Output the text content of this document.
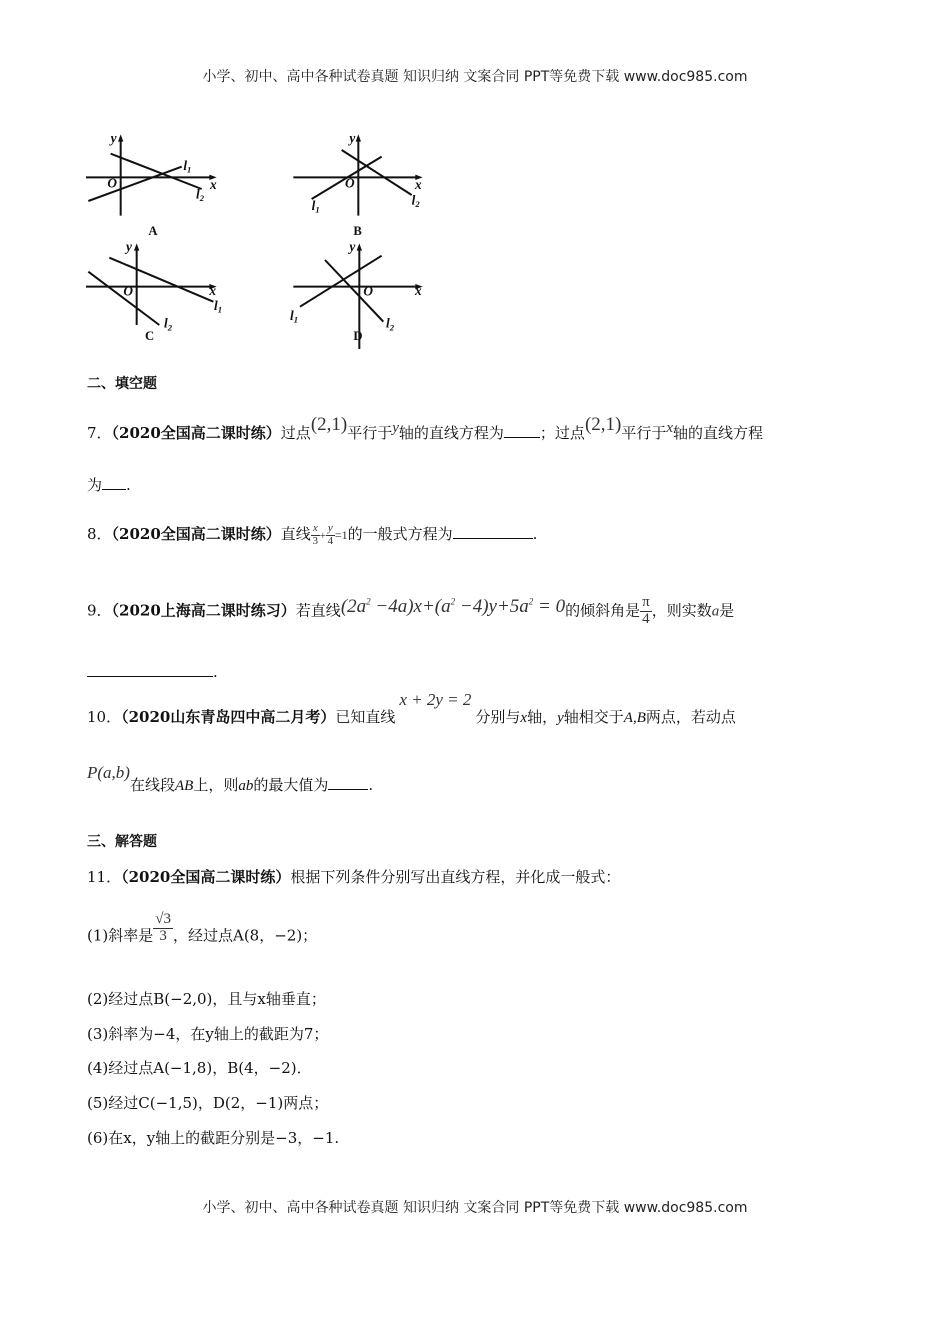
小学、初中、高中各种试卷真题 知识归纳 文案合同 PPT等免费下载 www.doc985.com
y
O x
$l_1$
$l_2$
A
y
O x
$l_1$
$l_2$
B
y
O x
$l_1$
$l_2$
C
y
O x
$l_1$ $l_2$
D
二、填空题
7．（2020全国高二课时练）过点(2,1)平行于y轴的直线方程为 ；过点(2,1)平行于x轴的直线方程
为 .
8．（2020全国高二课时练）直线 $\frac{x}{3} + \frac{y}{4} =1$的一般式方程为	.
9．（2020上海高二课时练习）若直线$(2a^2 -4a)x+(a^2 -4)y+5a^2 = 0$的倾斜角是 $\frac{\pi}{4}$ ，则实数a是
.
10．（2020山东青岛四中高二月考）已知直线x + 2y = 2分别与x轴，y轴相交于A,B两点，若动点
P(a,b)在线段AB上，则ab的最大值为	.
三、解答题
11．（2020全国高二课时练）根据下列条件分别写出直线方程，并化成一般式：
(1)斜率是 $\frac{√3}{3}$ ，经过点A(8，−2)；
(2)经过点B(−2,0)，且与x轴垂直；
(3)斜率为−4，在y轴上的截距为7；
(4)经过点A(−1,8)，B(4，−2)．
(5)经过C(−1,5)，D(2，−1)两点；
(6)在x，y轴上的截距分别是−3，−1.
小学、初中、高中各种试卷真题 知识归纳 文案合同 PPT等免费下载 www.doc985.com
